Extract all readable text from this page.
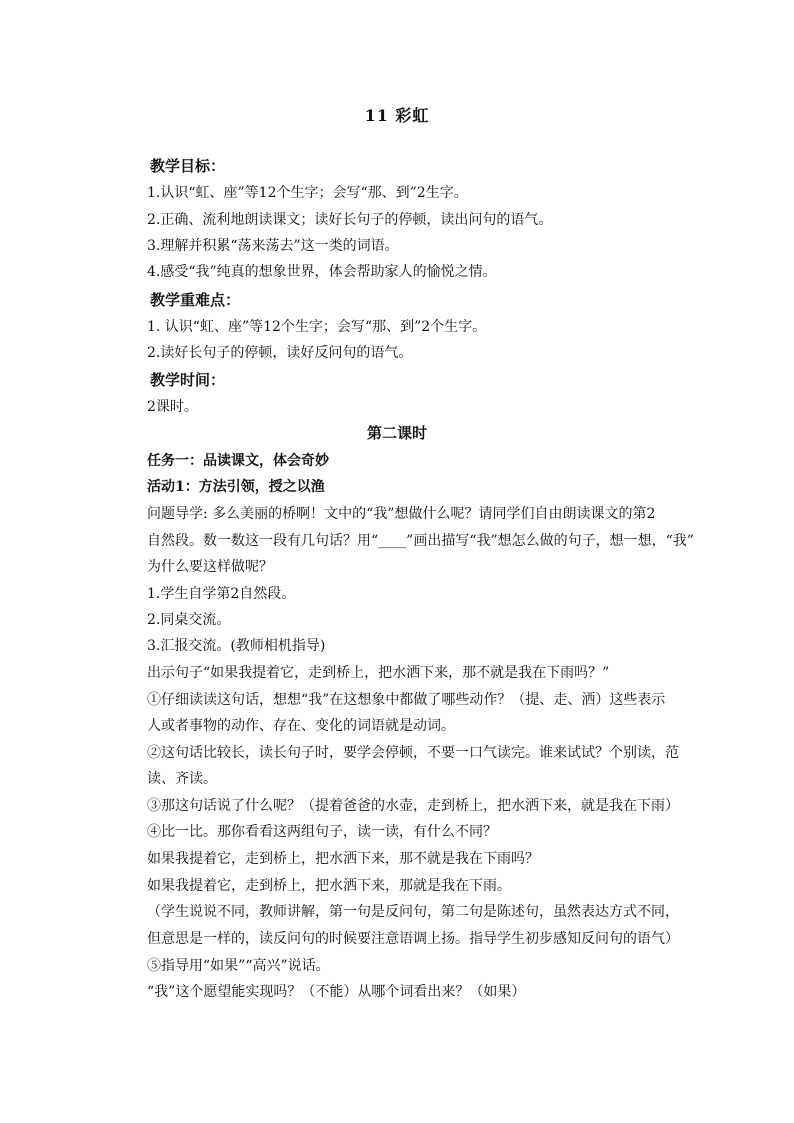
11 彩虹
教学目标：
1.认识“虹、座”等12个生字；会写“那、到”2生字。
2.正确、流利地朗读课文；读好长句子的停顿，读出问句的语气。
3.理解并积累“荡来荡去”这一类的词语。
4.感受“我”纯真的想象世界，体会帮助家人的愉悦之情。
教学重难点：
1. 认识“虹、座”等12个生字；会写“那、到”2个生字。
2.读好长句子的停顿，读好反问句的语气。
教学时间：
2课时。
第二课时
任务一：品读课文，体会奇妙
活动1：方法引领，授之以渔
问题导学: 多么美丽的桥啊！文中的“我”想做什么呢？请同学们自由朗读课文的第2
自然段。数一数这一段有几句话？用“____”画出描写“我”想怎么做的句子，想一想，“我”
为什么要这样做呢？
1.学生自学第2自然段。
2.同桌交流。
3.汇报交流。(教师相机指导)
出示句子“如果我提着它，走到桥上，把水洒下来，那不就是我在下雨吗？”
①仔细读读这句话，想想“我”在这想象中都做了哪些动作？（提、走、洒）这些表示
人或者事物的动作、存在、变化的词语就是动词。
②这句话比较长，读长句子时，要学会停顿，不要一口气读完。谁来试试？个别读，范
读、齐读。
③那这句话说了什么呢？（提着爸爸的水壶，走到桥上，把水洒下来，就是我在下雨）
④比一比。那你看看这两组句子，读一读，有什么不同？
如果我提着它，走到桥上，把水洒下来，那不就是我在下雨吗？
如果我提着它，走到桥上，把水洒下来，那就是我在下雨。
（学生说说不同，教师讲解，第一句是反问句，第二句是陈述句，虽然表达方式不同，
但意思是一样的，读反问句的时候要注意语调上扬。指导学生初步感知反问句的语气）
⑤指导用“如果”“高兴”说话。
“我”这个愿望能实现吗？（不能）从哪个词看出来？（如果）
